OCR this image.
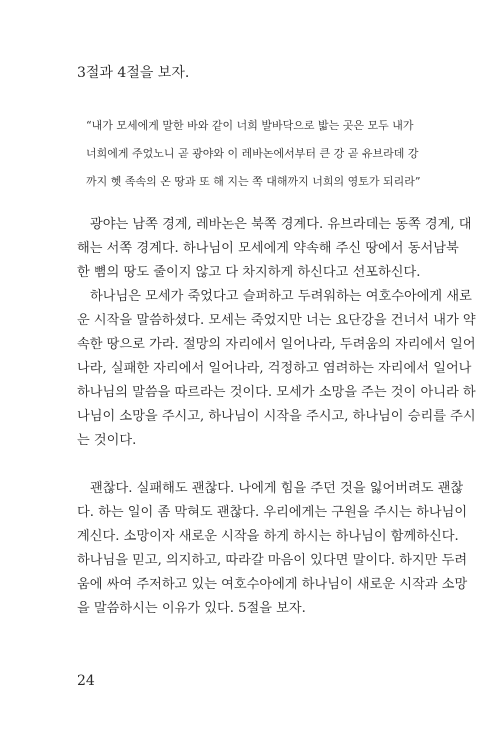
3절과 4절을 보자.
“내가 모세에게 말한 바와 같이 너희 발바닥으로 밟는 곳은 모두 내가
너희에게 주었노니 곧 광야와 이 레바논에서부터 큰 강 곧 유브라데 강
까지 헷 족속의 온 땅과 또 해 지는 쪽 대해까지 너희의 영토가 되리라”
광야는 남쪽 경계, 레바논은 북쪽 경계다. 유브라데는 동쪽 경계, 대
해는 서쪽 경계다. 하나님이 모세에게 약속해 주신 땅에서 동서남북
한 뼘의 땅도 줄이지 않고 다 차지하게 하신다고 선포하신다.
하나님은 모세가 죽었다고 슬퍼하고 두려워하는 여호수아에게 새로
운 시작을 말씀하셨다. 모세는 죽었지만 너는 요단강을 건너서 내가 약
속한 땅으로 가라. 절망의 자리에서 일어나라, 두려움의 자리에서 일어
나라, 실패한 자리에서 일어나라, 걱정하고 염려하는 자리에서 일어나
하나님의 말씀을 따르라는 것이다. 모세가 소망을 주는 것이 아니라 하
나님이 소망을 주시고, 하나님이 시작을 주시고, 하나님이 승리를 주시
는 것이다.
괜찮다. 실패해도 괜찮다. 나에게 힘을 주던 것을 잃어버려도 괜찮
다. 하는 일이 좀 막혀도 괜찮다. 우리에게는 구원을 주시는 하나님이
계신다. 소망이자 새로운 시작을 하게 하시는 하나님이 함께하신다.
하나님을 믿고, 의지하고, 따라갈 마음이 있다면 말이다. 하지만 두려
움에 싸여 주저하고 있는 여호수아에게 하나님이 새로운 시작과 소망
을 말씀하시는 이유가 있다. 5절을 보자.
24
